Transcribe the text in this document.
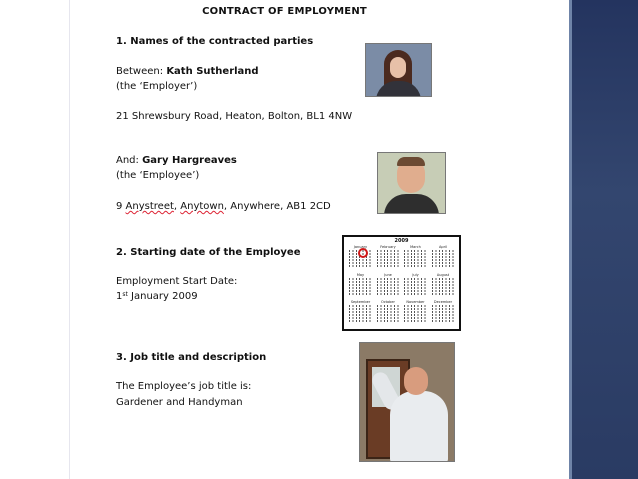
CONTRACT OF EMPLOYMENT
1. Names of the contracted parties
Between: Kath Sutherland
(the ‘Employer’)
21 Shrewsbury Road, Heaton, Bolton, BL1 4NW
And: Gary Hargreaves
(the ‘Employee’)
9 Anystreet, Anytown, Anywhere, AB1 2CD
2. Starting date of the Employee
Employment Start Date:
1st January 2009
2009
January	February	March	April
May	June	July	August
September	October	November	December
3. Job title and description
The Employee’s job title is:
Gardener and Handyman
